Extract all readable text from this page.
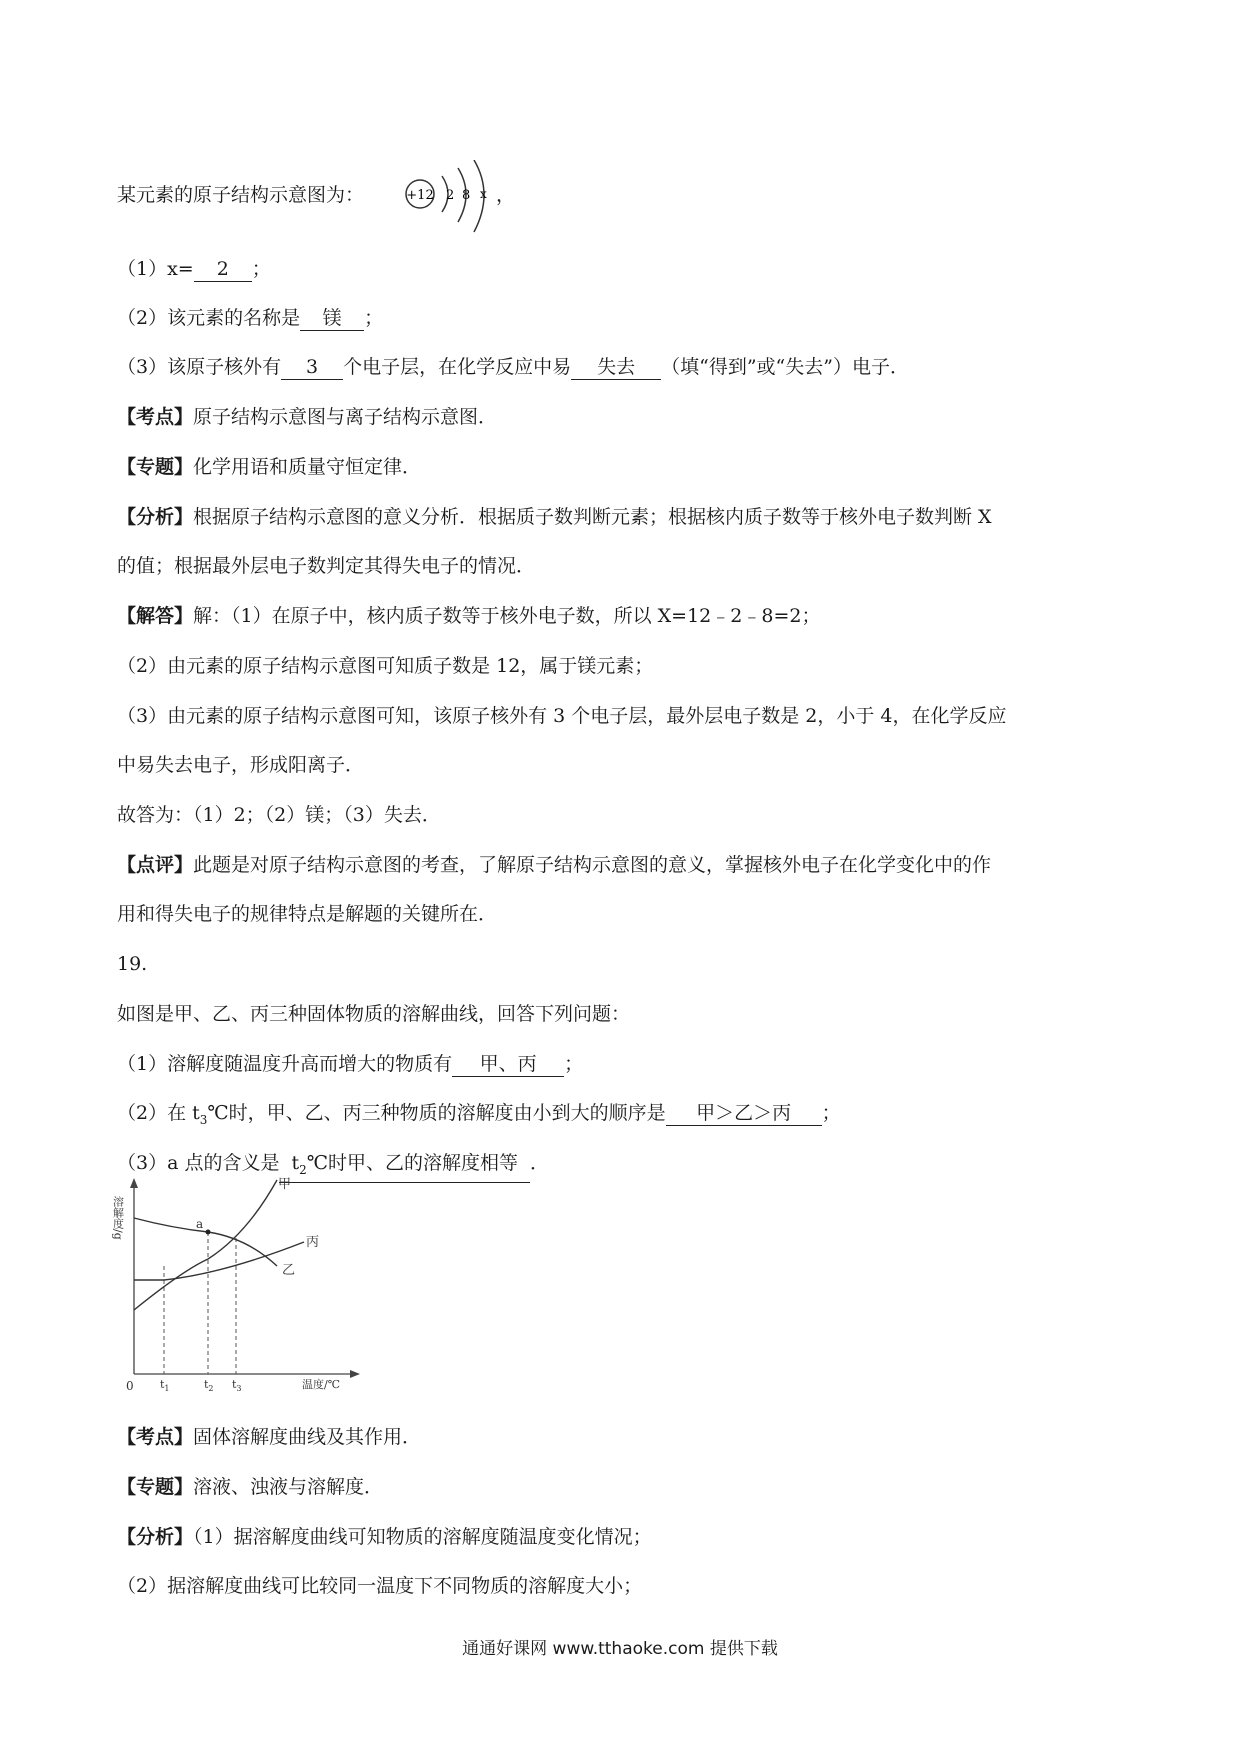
某元素的原子结构示意图为：	+12 2 8 x ，
（1）x= 2 ；
（2）该元素的名称是 镁 ；
（3）该原子核外有 3 个电子层，在化学反应中易 失去 （填“得到”或“失去”）电子．
【考点】原子结构示意图与离子结构示意图．
【专题】化学用语和质量守恒定律．
【分析】根据原子结构示意图的意义分析．根据质子数判断元素；根据核内质子数等于核外电子数判断 X
的值；根据最外层电子数判定其得失电子的情况．
【解答】解：（1）在原子中，核内质子数等于核外电子数，所以 X=12﹣2﹣8=2；
（2）由元素的原子结构示意图可知质子数是 12，属于镁元素；
（3）由元素的原子结构示意图可知，该原子核外有 3 个电子层，最外层电子数是 2，小于 4，在化学反应
中易失去电子，形成阳离子．
故答为：（1）2；（2）镁；（3）失去．
【点评】此题是对原子结构示意图的考查，了解原子结构示意图的意义，掌握核外电子在化学变化中的作
用和得失电子的规律特点是解题的关键所在．
19.
如图是甲、乙、丙三种固体物质的溶解曲线，回答下列问题：
（1）溶解度随温度升高而增大的物质有 甲、丙 ；
（2）在 $t_3℃$时，甲、乙、丙三种物质的溶解度由小到大的顺序是 甲＞乙＞丙 ；
（3）a 点的含义是 $t_2℃$时甲、乙的溶解度相等 ．
a
甲
丙
乙
溶解度/g
0 $t_1$	$t_2$ $t_3$	温度/℃
【考点】固体溶解度曲线及其作用．
【专题】溶液、浊液与溶解度．
【分析】（1）据溶解度曲线可知物质的溶解度随温度变化情况；
（2）据溶解度曲线可比较同一温度下不同物质的溶解度大小；
通通好课网 www.tthaoke.com 提供下载
